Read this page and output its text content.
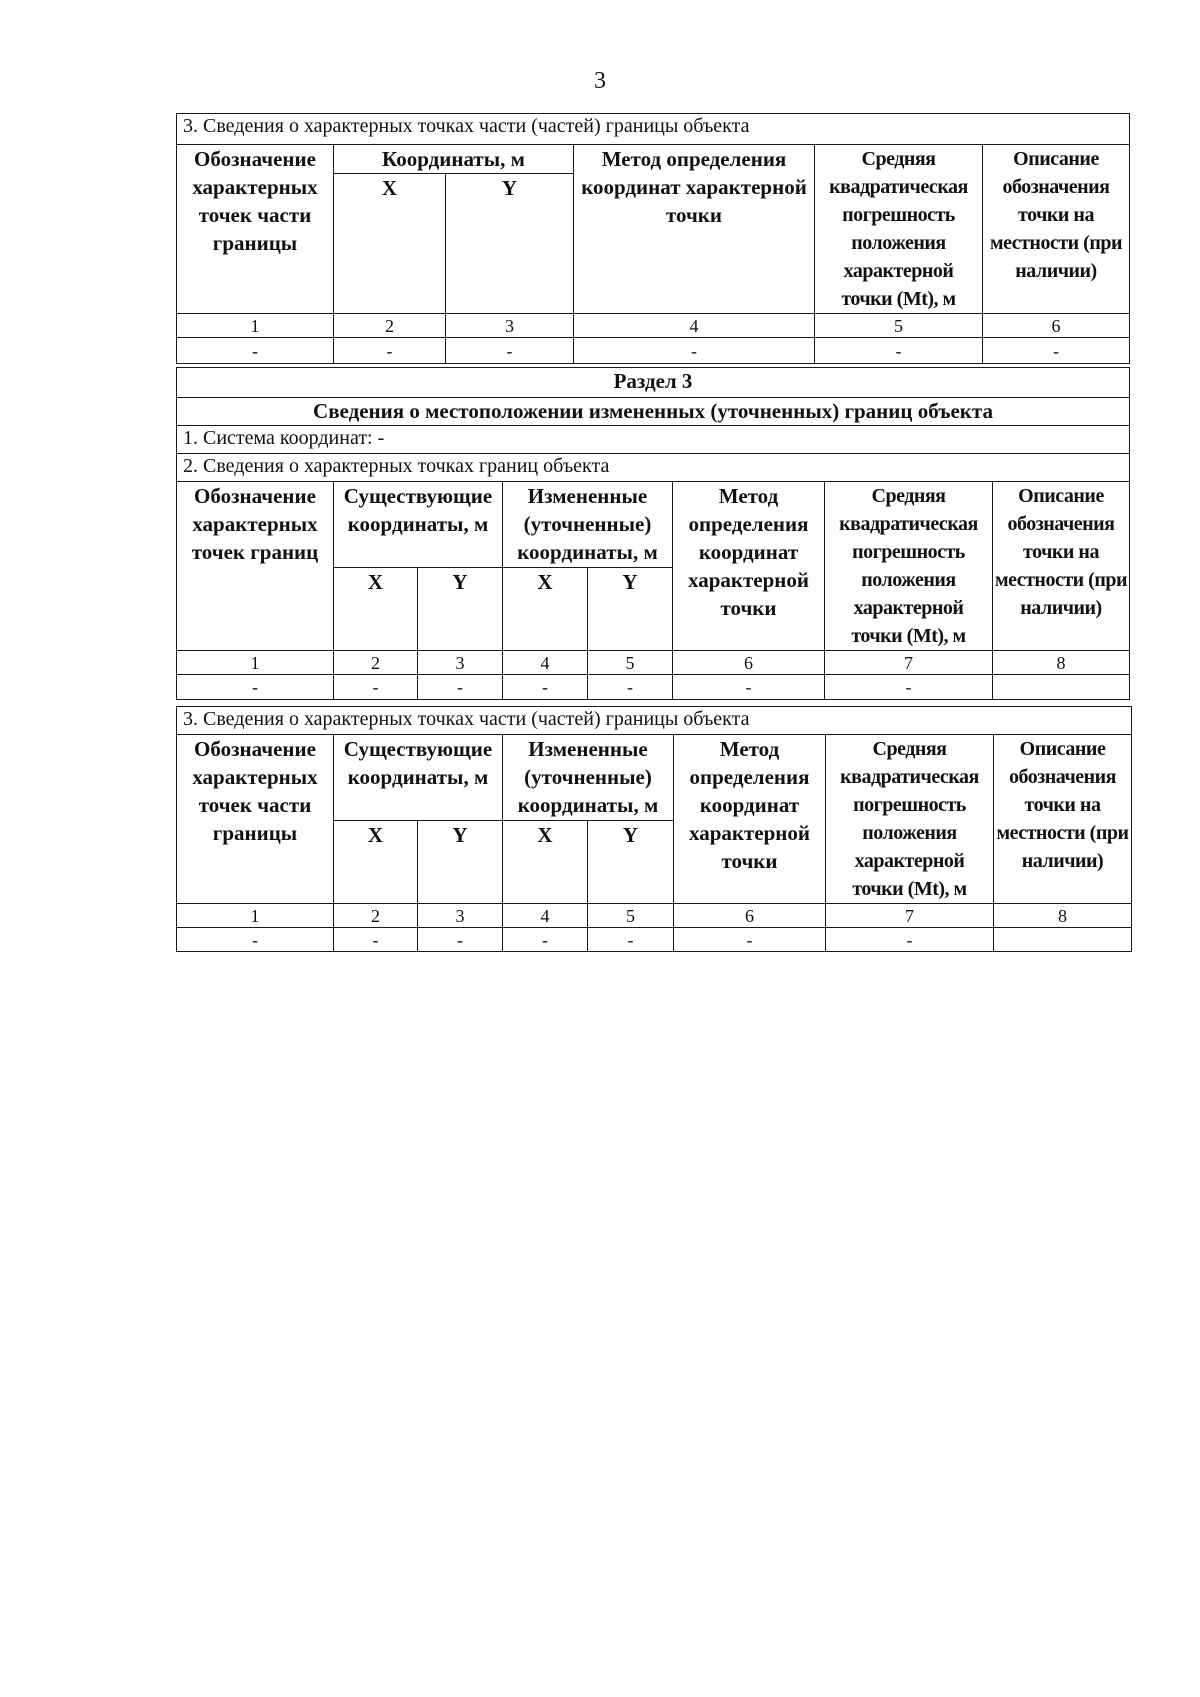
3
3. Сведения о характерных точках части (частей) границы объекта					
Обозначение характерных точек части границы	Координаты, м		Метод определения координат характерной точки	Средняя квадратическая погрешность положения характерной точки (Mt), м	Описание обозначения точки на местности (при наличии)
	X	Y			
1	2	3	4	5	6
-	-	-	-	-	-
Раздел 3							
Сведения о местоположении измененных (уточненных) границ объекта							
1. Система координат: -							
2. Сведения о характерных точках границ объекта							
Обозначение характерных точек границ	Существующие координаты, м		Измененные (уточненные) координаты, м		Метод определения координат характерной точки	Средняя квадратическая погрешность положения характерной точки (Mt), м	Описание обозначения точки на местности (при наличии)
	X	Y	X	Y			
1	2	3	4	5	6	7	8
-	-	-	-	-	-	-	
3. Сведения о характерных точках части (частей) границы объекта							
Обозначение характерных точек части границы	Существующие координаты, м		Измененные (уточненные) координаты, м		Метод определения координат характерной точки	Средняя квадратическая погрешность положения характерной точки (Mt), м	Описание обозначения точки на местности (при наличии)
	X	Y	X	Y			
1	2	3	4	5	6	7	8
-	-	-	-	-	-	-	
